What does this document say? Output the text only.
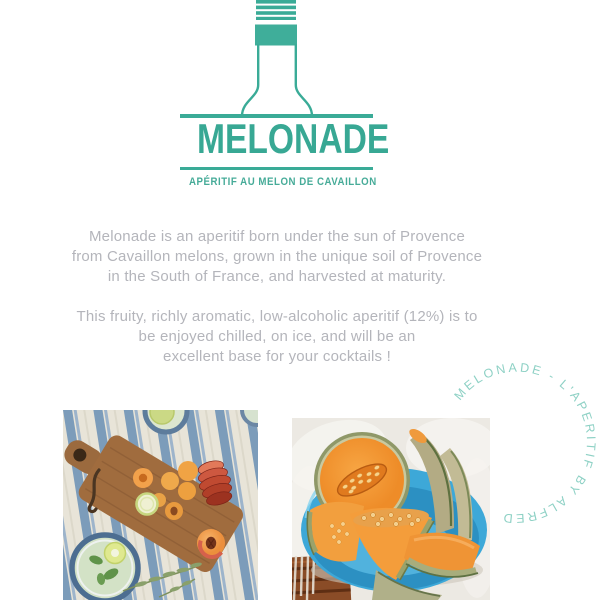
MELONADE
APÉRITIF AU MELON DE CAVAILLON

Melonade is an aperitif born under the sun of Provence
from Cavaillon melons, grown in the unique soil of Provence
in the South of France, and harvested at maturity.

This fruity, richly aromatic, low-alcoholic aperitif (12%) is to
be enjoyed chilled, on ice, and will be an
excellent base for your cocktails !

MELONADE - L'APERITIF BY ALFRED
